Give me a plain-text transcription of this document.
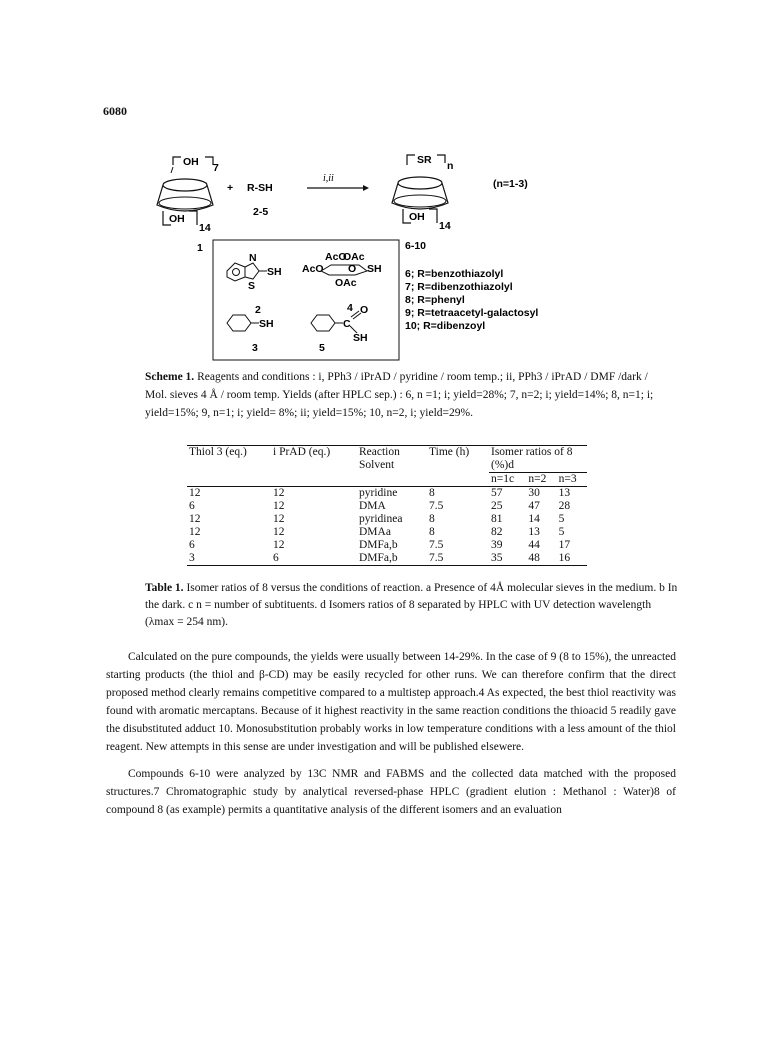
6080
OH 7
OH
14
+ R-SH
2-5
i,ii
SR n
OH
14
(n=1-3)
1	6-10
N
SH
S
2
AcO
OAc
AcO O SH
OAc
4
SH
3
C
O
SH
5
6; R=benzothiazolyl
7; R=dibenzothiazolyl
8; R=phenyl
9; R=tetraacetyl-galactosyl
10; R=dibenzoyl
Scheme 1. Reagents and conditions : i, PPh3 / iPrAD / pyridine / room temp.; ii, PPh3 / iPrAD / DMF /dark / Mol. sieves 4 Å / room temp. Yields (after HPLC sep.) : 6, n =1; i; yield=28%; 7, n=2; i; yield=14%; 8, n=1; i; yield=15%; 9, n=1; i; yield= 8%; ii; yield=15%; 10, n=2, i; yield=29%.
Thiol 3 (eq.)	i PrAD (eq.)	Reaction Solvent	Time (h)	Isomer ratios of 8 (%)d		
				n=1c	n=2	n=3
12	12	pyridine	8	57	30	13
6	12	DMA	7.5	25	47	28
12	12	pyridinea	8	81	14	5
12	12	DMAa	8	82	13	5
6	12	DMFa,b	7.5	39	44	17
3	6	DMFa,b	7.5	35	48	16
Table 1. Isomer ratios of 8 versus the conditions of reaction. a Presence of 4Å molecular sieves in the medium. b In the dark. c n = number of subtituents. d Isomers ratios of 8 separated by HPLC with UV detection wavelength (λmax = 254 nm).

Calculated on the pure compounds, the yields were usually between 14-29%. In the case of 9 (8 to 15%), the unreacted starting products (the thiol and β-CD) may be easily recycled for other runs. We can therefore confirm that the direct proposed method clearly remains competitive compared to a multistep approach.4 As expected, the best thiol reactivity was found with aromatic mercaptans. Because of it highest reactivity in the same reaction conditions the thioacid 5 readily gave the disubstituted adduct 10. Monosubstitution probably works in low temperature conditions with a less amount of the thiol reagent. New attempts in this sense are under investigation and will be published elsewere.

Compounds 6-10 were analyzed by 13C NMR and FABMS and the collected data matched with the proposed structures.7 Chromatographic study by analytical reversed-phase HPLC (gradient elution : Methanol : Water)8 of compound 8 (as example) permits a quantitative analysis of the different isomers and an evaluation
